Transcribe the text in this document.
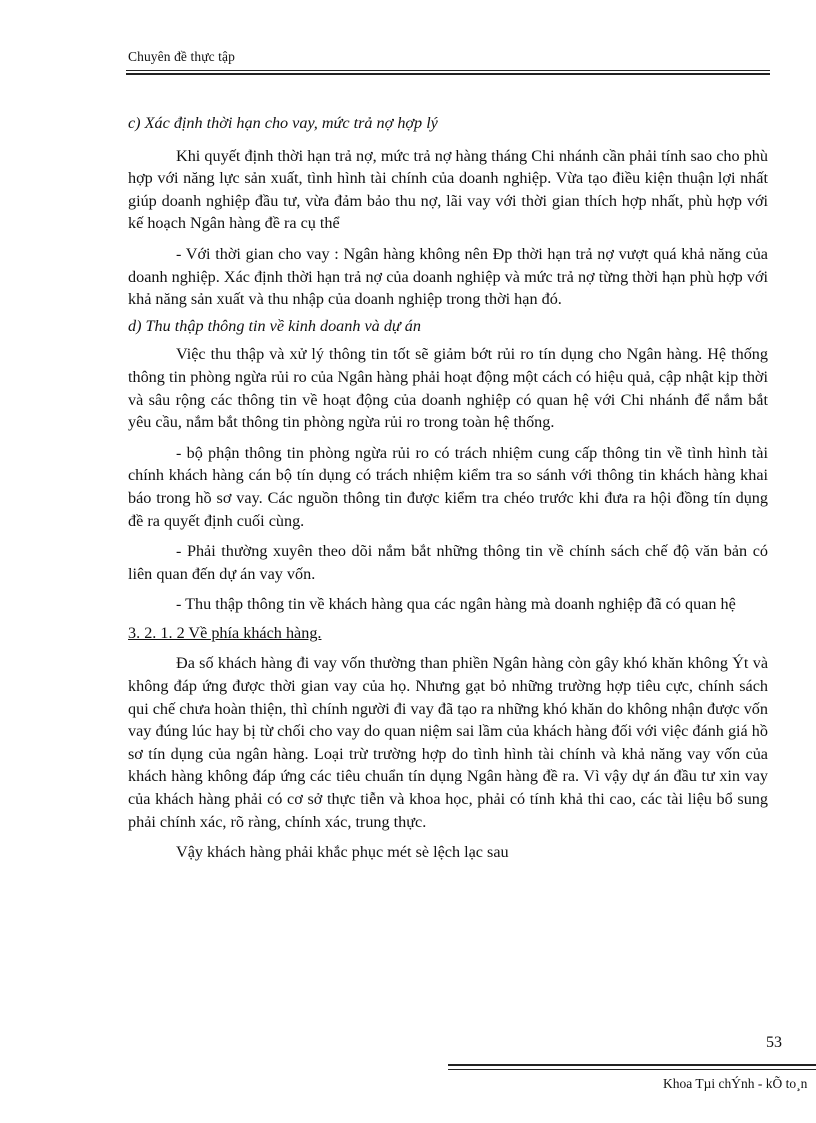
Chuyên đề thực tập

c) Xác định thời hạn cho vay, mức trả nợ hợp lý

Khi quyết định thời hạn trả nợ, mức trả nợ hàng tháng Chi nhánh cần phải tính sao cho phù hợp với năng lực sản xuất, tình hình tài chính của doanh nghiệp. Vừa tạo điều kiện thuận lợi nhất giúp doanh nghiệp đầu tư, vừa đảm bảo thu nợ, lãi vay với thời gian thích hợp nhất, phù hợp với kế hoạch Ngân hàng đề ra cụ thể

- Với thời gian cho vay : Ngân hàng không nên Ðp thời hạn trả nợ vượt quá khả năng của doanh nghiệp. Xác định thời hạn trả nợ của doanh nghiệp và mức trả nợ từng thời hạn phù hợp với khả năng sản xuất và thu nhập của doanh nghiệp trong thời hạn đó.

d) Thu thập thông tin về kinh doanh và dự án

Việc thu thập và xử lý thông tin tốt sẽ giảm bớt rủi ro tín dụng cho Ngân hàng. Hệ thống thông tin phòng ngừa rủi ro của Ngân hàng phải hoạt động một cách có hiệu quả, cập nhật kịp thời và sâu rộng các thông tin về hoạt động của doanh nghiệp có quan hệ với Chi nhánh để nắm bắt yêu cầu, nắm bắt thông tin phòng ngừa rủi ro trong toàn hệ thống.

- bộ phận thông tin phòng ngừa rủi ro có trách nhiệm cung cấp thông tin về tình hình tài chính khách hàng cán bộ tín dụng có trách nhiệm kiểm tra so sánh với thông tin khách hàng khai báo trong hồ sơ vay. Các nguồn thông tin được kiểm tra chéo trước khi đưa ra hội đồng tín dụng đề ra quyết định cuối cùng.

- Phải thường xuyên theo dõi nắm bắt những thông tin về chính sách chế độ văn bản có liên quan đến dự án vay vốn.

- Thu thập thông tin về khách hàng qua các ngân hàng mà doanh nghiệp đã có quan hệ

3. 2. 1. 2 Về phía khách hàng.

Đa số khách hàng đi vay vốn thường than phiền Ngân hàng còn gây khó khăn không Ýt và không đáp ứng được thời gian vay của họ. Nhưng gạt bỏ những trường hợp tiêu cực, chính sách qui chế chưa hoàn thiện, thì chính người đi vay đã tạo ra những khó khăn do không nhận được vốn vay đúng lúc hay bị từ chối cho vay do quan niệm sai lầm của khách hàng đối với việc đánh giá hồ sơ tín dụng của ngân hàng. Loại trừ trường hợp do tình hình tài chính và khả năng vay vốn của khách hàng không đáp ứng các tiêu chuẩn tín dụng Ngân hàng đề ra. Vì vậy dự án đầu tư xin vay của khách hàng phải có cơ sở thực tiễn và khoa học, phải có tính khả thi cao, các tài liệu bổ sung phải chính xác, rõ ràng, chính xác, trung thực.

Vậy khách hàng phải khắc phục mét sè lệch lạc sau

53
Khoa Tµi chÝnh - kÕ to¸n
